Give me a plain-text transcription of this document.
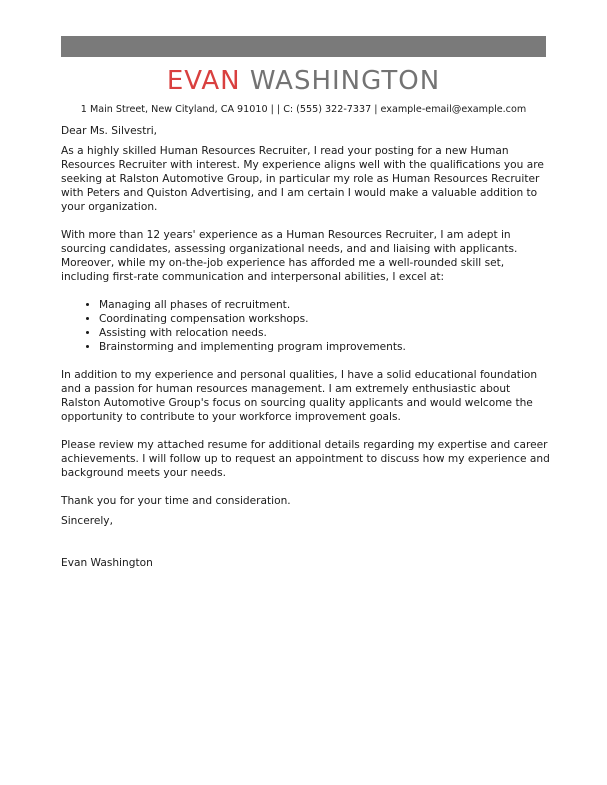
EVAN WASHINGTON
1 Main Street, New Cityland, CA 91010 | | C: (555) 322-7337 | example-email@example.com

Dear Ms. Silvestri,

As a highly skilled Human Resources Recruiter, I read your posting for a new Human Resources Recruiter with interest. My experience aligns well with the qualifications you are seeking at Ralston Automotive Group, in particular my role as Human Resources Recruiter with Peters and Quiston Advertising, and I am certain I would make a valuable addition to your organization.

With more than 12 years' experience as a Human Resources Recruiter, I am adept in sourcing candidates, assessing organizational needs, and and liaising with applicants. Moreover, while my on-the-job experience has afforded me a well-rounded skill set, including first-rate communication and interpersonal abilities, I excel at:

• Managing all phases of recruitment.
• Coordinating compensation workshops.
• Assisting with relocation needs.
• Brainstorming and implementing program improvements.

In addition to my experience and personal qualities, I have a solid educational foundation and a passion for human resources management. I am extremely enthusiastic about Ralston Automotive Group's focus on sourcing quality applicants and would welcome the opportunity to contribute to your workforce improvement goals.

Please review my attached resume for additional details regarding my expertise and career achievements. I will follow up to request an appointment to discuss how my experience and background meets your needs.

Thank you for your time and consideration.

Sincerely,

Evan Washington
